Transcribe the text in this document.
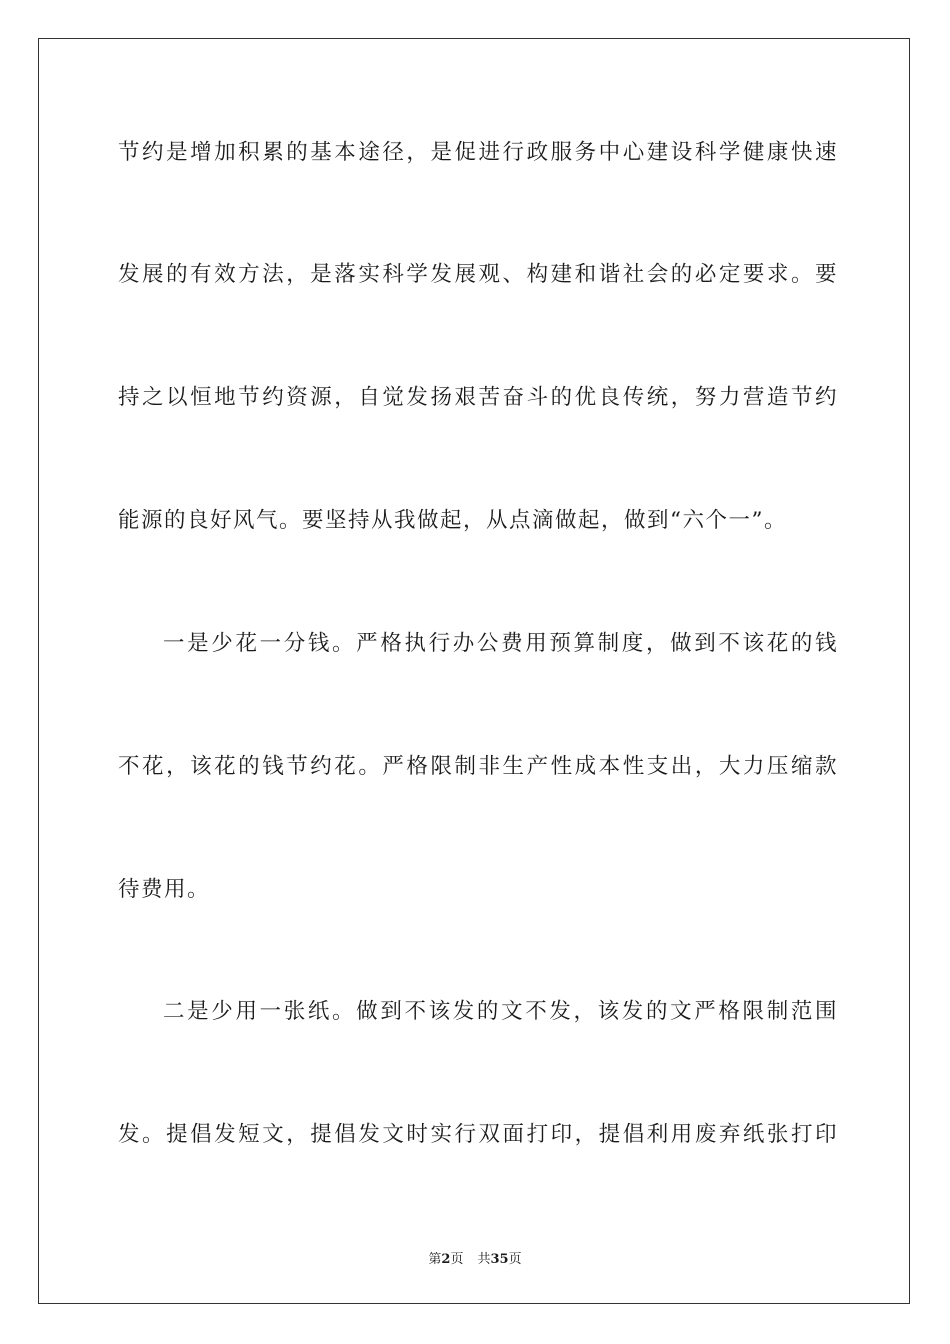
节约是增加积累的基本途径，是促进行政服务中心建设科学健康快速
发展的有效方法，是落实科学发展观、构建和谐社会的必定要求。要
持之以恒地节约资源，自觉发扬艰苦奋斗的优良传统，努力营造节约
能源的良好风气。要坚持从我做起，从点滴做起，做到“六个一”。
一是少花一分钱。严格执行办公费用预算制度，做到不该花的钱
不花，该花的钱节约花。严格限制非生产性成本性支出，大力压缩款
待费用。
二是少用一张纸。做到不该发的文不发，该发的文严格限制范围
发。提倡发短文，提倡发文时实行双面打印，提倡利用废弃纸张打印
第2页 共35页
